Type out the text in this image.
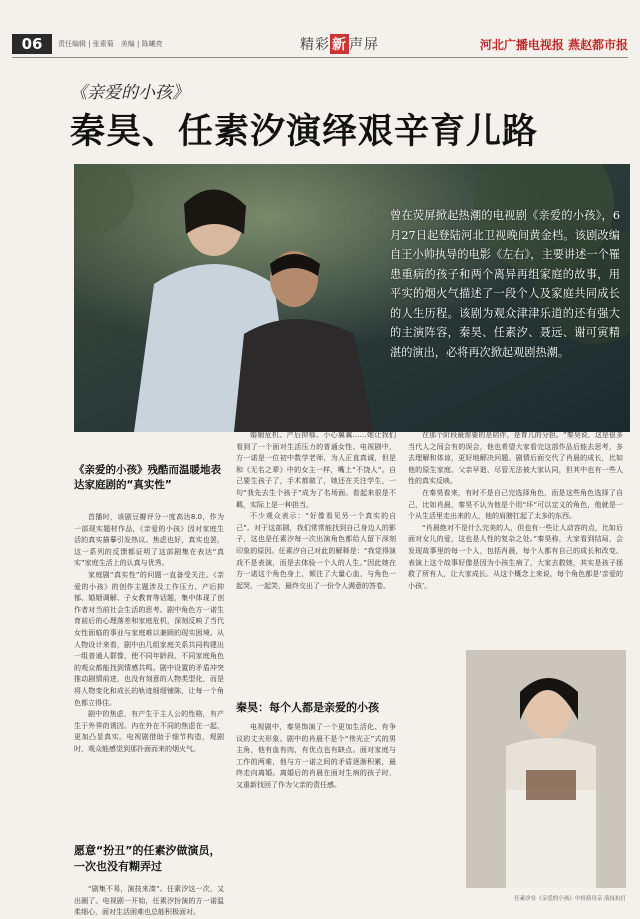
06	责任编辑 | 张素菊　美编 | 陈曦亮	精彩 新 声屏	河北广播电视报 燕赵都市报
《亲爱的小孩》
秦昊、任素汐演绎艰辛育儿路
曾在荧屏掀起热潮的电视剧《亲爱的小孩》，6月27日起登陆河北卫视晚间黄金档。该剧改编自王小帅执导的电影《左右》，主要讲述一个罹患重病的孩子和两个离异再组家庭的故事，用平实的烟火气描述了一段个人及家庭共同成长的人生历程。该剧为观众津津乐道的还有强大的主演阵容，秦昊、任素汐、聂远、谢可寅精湛的演出，必将再次掀起观剧热潮。
《亲爱的小孩》残酷而温暖地表达家庭剧的“真实性”

首播时，该剧豆瓣评分一度高达8.0，作为一部现实题材作品，《亲爱的小孩》因对家庭生活的真实描摹引发热议。焦虑也好，真实也罢，这一系列的反馈都证明了这部剧集在表达“真实”家庭生活上的认真与优秀。

家庭剧“真实性”的问题一直备受关注。《亲爱的小孩》的创作主题涉及工作压力、产后抑郁、婚姻调解、子女教育等话题，集中体现了创作者对当前社会生活的思考。剧中角色方一诺生育前后的心理落差和家庭危机，深刻反映了当代女性面临的事业与家庭难以兼顾的现实困境。从人物设计来看，剧中由几组家庭关系共同构建出一组普通人群像，使不同年龄段、不同家庭角色的观众都能找到情感共鸣。剧中设置的矛盾冲突推动剧情前进，也没有刻意的人物类型化，而是将人物变化和成长的轨迹细细铺陈，让每一个角色都立得住。

剧中的焦虑，有产生于主人公的性格，有产生于外界的诱因。内在外在不同的焦虑在一起，更加凸显真实。电视剧借助于细节构造，观剧时，观众能感觉到那扑面而来的烟火气。

愿意“扮丑”的任素汐做演员，一次也没有糊弄过

“剧集不易，演技来凑”。任素汐这一次，又出圈了。电视剧一开始，任素汐扮演的方一诺温柔细心，面对生活困难也总能积极面对。

婚姻危机、产后抑郁、小心翼翼……她让我们看到了一个面对生活压力的普通女性。电视剧中，方一诺是一位初中数学老师，为人正直真诚，但是和《无名之辈》中的女主一样，嘴上“不饶人”。自己要生孩子了，手术都做了，她还在关注学生，一句“我先去生个孩子”成为了名场面。看起来很是不羁，实际上是一种担当。

不少观众表示：“好像看见另一个真实的自己”。对于这部剧，我们常常能找到自己身边人的影子，这也是任素汐每一次出演角色都给人留下深刻印象的原因。任素汐自己对此的解释是：“我觉得演戏不是表演，而是去体验一个人的人生。”因此她在方一诺这个角色身上，倾注了大量心血，与角色一起哭、一起笑，最终交出了一份令人满意的答卷。

秦昊：每个人都是亲爱的小孩

电视剧中，秦昊饰演了一个更加生活化、有争议的丈夫形象。剧中的肖晨不是个“伟光正”式的男主角，他有血有肉，有优点也有缺点。面对家庭与工作的两难，他与方一诺之间的矛盾逐渐积累，最终走向离婚。离婚后的肖晨在面对生病的孩子时，又重新找回了作为父亲的责任感。

在那个阶段最需要的是陪伴，是育儿的分担。“秦昊说，这是很多当代人之间会有的误会，他也希望大家看完这部作品后能去思考，多去理解和体谅，更好地解决问题。剧情后面交代了肖晨的成长，比如他的原生家庭、父亲早逝、尽管无法被大家认同，但其中也有一些人性的真实反映。

在秦昊看来，有时不是自己完选择角色，而是这些角色选择了自己，比如肖晨，秦昊不认为他是个用“坏”可以定义的角色，他就是一个从生活里走出来的人，他的肩膀扛起了太多的东西。

“肖晨绝对不是什么完美的人，但也有一些让人动容的点，比如后面对女儿的爱，这也是人性的复杂之处。”秦昊称，大家看到结局，会发现故事里的每一个人，包括肖晨，每个人都有自己的成长和改变。表演上这个故事好像是因为小孩生病了，大家去救她，其实是孩子拯救了所有人，让大家成长。从这个概念上来说，每个角色都是‘亲爱的小孩’。

任素汐在《亲爱的小孩》中扮演母亲 演技抗打
